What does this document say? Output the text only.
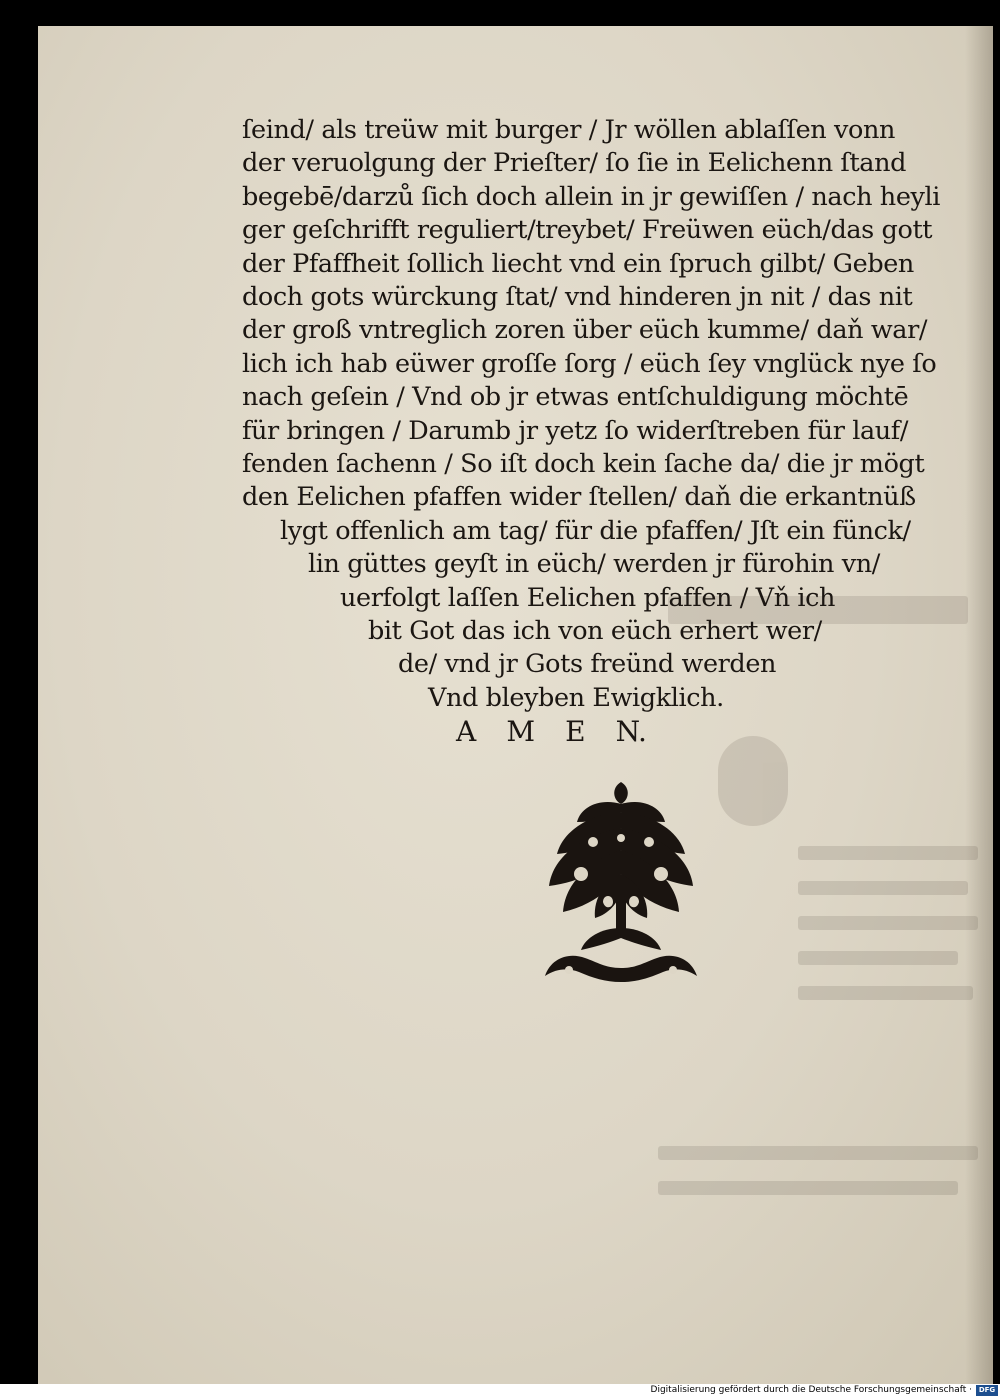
ſeind/ als treüw mit burger / Jr wöllen ablaſſen vonn
der veruolgung der Prieſter/ ſo ſie in Eelichenn ſtand
begebē/darzů ſich doch allein in jr gewiſſen / nach heyli
ger geſchrifft reguliert/treybet/ Freüwen eüch/das gott
der Pfaffheit ſollich liecht vnd ein ſpruch gilbt/ Geben
doch gots würckung ſtat/ vnd hinderen jn nit / das nit
der groß vntreglich zoren über eüch kumme/ daň war/
lich ich hab eüwer groſſe ſorg / eüch ſey vnglück nye ſo
nach geſein / Vnd ob jr etwas entſchuldigung möchtē
für bringen / Darumb jr yetz ſo widerſtreben für lauf/
fenden ſachenn / So iſt doch kein ſache da/ die jr mögt
den Eelichen pfaffen wider ſtellen/ daň die erkantnüß
lygt offenlich am tag/ für die pfaffen/ Jſt ein fünck/
lin güttes geyſt in eüch/ werden jr fürohin vn/
uerfolgt laſſen Eelichen pfaffen / Vň ich
bit Got das ich von eüch erhert wer/
de/ vnd jr Gots freünd werden
Vnd bleyben Ewigklich.
A M E N.
Digitalisierung gefördert durch die Deutsche Forschungsgemeinschaft · DFG
